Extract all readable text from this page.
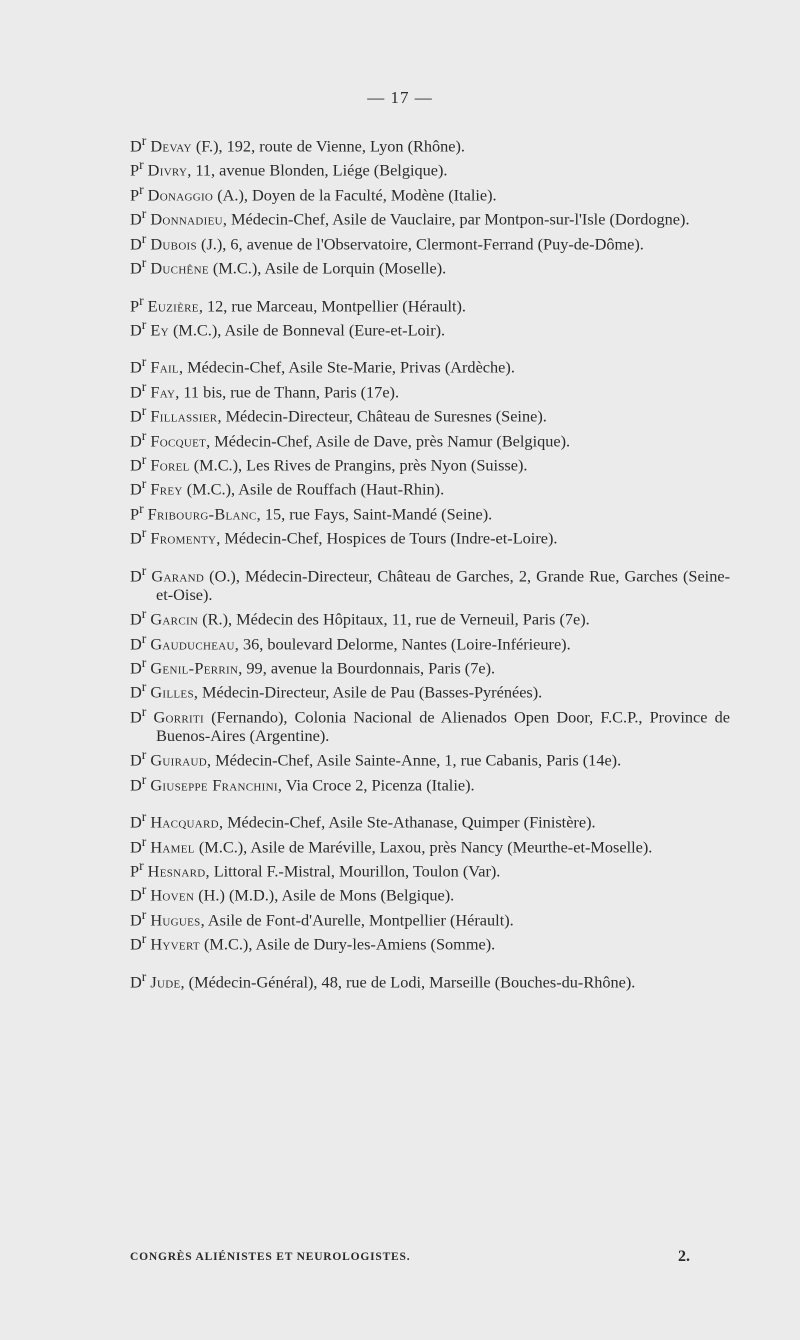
— 17 —

$D^r$ Devay (F.), 192, route de Vienne, Lyon (Rhône).

$P^r$ Divry, 11, avenue Blonden, Liége (Belgique).

$P^r$ Donaggio (A.), Doyen de la Faculté, Modène (Italie).

$D^r$ Donnadieu, Médecin-Chef, Asile de Vauclaire, par Montpon-sur-l'Isle (Dordogne).

$D^r$ Dubois (J.), 6, avenue de l'Observatoire, Clermont-Ferrand (Puy-de-Dôme).

$D^r$ Duchêne (M.C.), Asile de Lorquin (Moselle).

$P^r$ Euzière, 12, rue Marceau, Montpellier (Hérault).

$D^r$ Ey (M.C.), Asile de Bonneval (Eure-et-Loir).

$D^r$ Fail, Médecin-Chef, Asile Ste-Marie, Privas (Ardèche).

$D^r$ Fay, 11 bis, rue de Thann, Paris (17e).

$D^r$ Fillassier, Médecin-Directeur, Château de Suresnes (Seine).

$D^r$ Focquet, Médecin-Chef, Asile de Dave, près Namur (Belgique).

$D^r$ Forel (M.C.), Les Rives de Prangins, près Nyon (Suisse).

$D^r$ Frey (M.C.), Asile de Rouffach (Haut-Rhin).

$P^r$ Fribourg-Blanc, 15, rue Fays, Saint-Mandé (Seine).

$D^r$ Fromenty, Médecin-Chef, Hospices de Tours (Indre-et-Loire).

$D^r$ Garand (O.), Médecin-Directeur, Château de Garches, 2, Grande Rue, Garches (Seine-et-Oise).

$D^r$ Garcin (R.), Médecin des Hôpitaux, 11, rue de Verneuil, Paris (7e).

$D^r$ Gauducheau, 36, boulevard Delorme, Nantes (Loire-Inférieure).

$D^r$ Genil-Perrin, 99, avenue la Bourdonnais, Paris (7e).

$D^r$ Gilles, Médecin-Directeur, Asile de Pau (Basses-Pyrénées).

$D^r$ Gorriti (Fernando), Colonia Nacional de Alienados Open Door, F.C.P., Province de Buenos-Aires (Argentine).

$D^r$ Guiraud, Médecin-Chef, Asile Sainte-Anne, 1, rue Cabanis, Paris (14e).

$D^r$ Giuseppe Franchini, Via Croce 2, Picenza (Italie).

$D^r$ Hacquard, Médecin-Chef, Asile Ste-Athanase, Quimper (Finistère).

$D^r$ Hamel (M.C.), Asile de Maréville, Laxou, près Nancy (Meurthe-et-Moselle).

$P^r$ Hesnard, Littoral F.-Mistral, Mourillon, Toulon (Var).

$D^r$ Hoven (H.) (M.D.), Asile de Mons (Belgique).

$D^r$ Hugues, Asile de Font-d'Aurelle, Montpellier (Hérault).

$D^r$ Hyvert (M.C.), Asile de Dury-les-Amiens (Somme).

$D^r$ Jude, (Médecin-Général), 48, rue de Lodi, Marseille (Bouches-du-Rhône).

CONGRÈS ALIÉNISTES ET NEUROLOGISTES.	2.
